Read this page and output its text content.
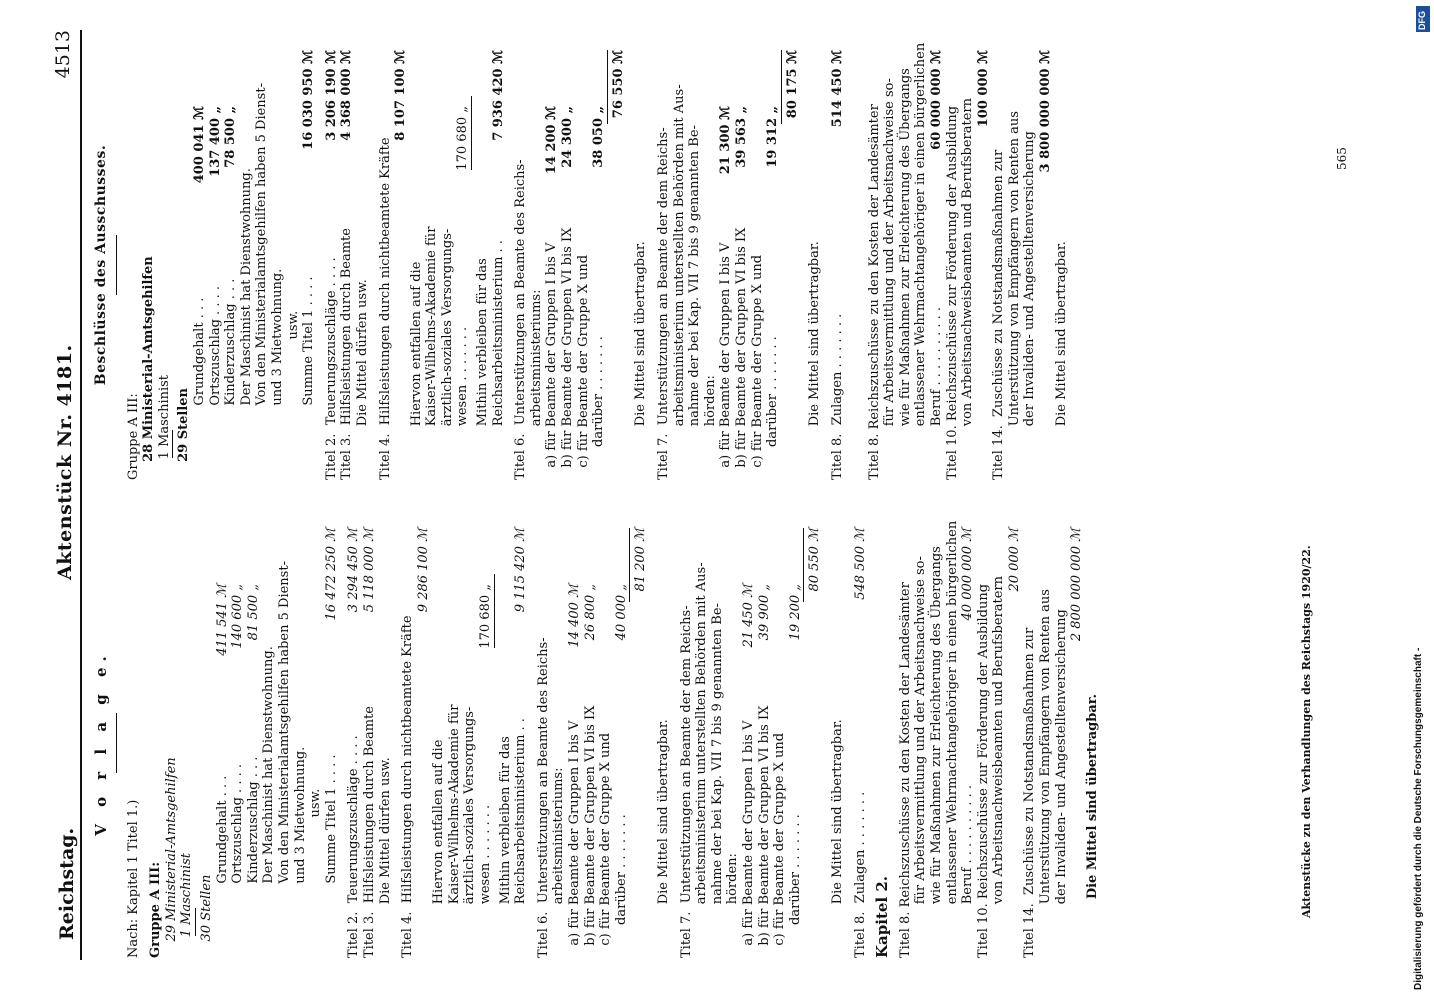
Reichstag.
Aktenstück Nr. 4181.
4513
V o r l a g e.
Nach: Kapitel 1 Titel 1.) Gruppe A III: 29 Ministerial-Amtsgehilfen 1 Maschinist 30 Stellen Grundgehalt . . .
411 541 ℳ
Ortszuschlag . . . .
140 600 „
Kinderzuschlag . . .
81 500 „
Der Maschinist hat Dienstwohnung. Von den Ministerialamtsgehilfen haben 5 Dienst- und 3 Mietwohnung. usw. Summe Titel 1 . . . .
16 472 250 ℳ
Titel 2.  Teuerungszuschläge . . . .
3 294 450 ℳ
Titel 3.  Hilfsleistungen durch Beamte
5 118 000 ℳ
Die Mittel dürfen usw. Titel 4.  Hilfsleistungen durch nichtbeamtete Kräfte
9 286 100 ℳ
Hiervon entfallen auf die Kaiser-Wilhelms-Akademie für ärztlich-soziales Versorgungs- wesen . . . . . . .
170 680 „
Mithin verbleiben für das Reichsarbeitsministerium . .
9 115 420 ℳ
Titel 6.  Unterstützungen an Beamte des Reichs- arbeitsministeriums: a) für Beamte der Gruppen I bis V
14 400 ℳ
b) für Beamte der Gruppen VI bis IX
26 800 „
c) für Beamte der Gruppe X und darüber . . . . . . .
40 000 „
81 200 ℳ
Die Mittel sind übertragbar. Titel 7.  Unterstützungen an Beamte der dem Reichs- arbeitsministerium unterstellten Behörden mit Aus- nahme der bei Kap. VII 7 bis 9 genannten Be- hörden: a) für Beamte der Gruppen I bis V
21 450 ℳ
b) für Beamte der Gruppen VI bis IX
39 900 „
c) für Beamte der Gruppe X und darüber . . . . . . .
19 200 „
80 550 ℳ
Die Mittel sind übertragbar. Titel 8.  Zulagen . . . . . . .
548 500 ℳ
Kapitel 2. Titel 8. Reichszuschüsse zu den Kosten der Landesämter für Arbeitsvermittlung und der Arbeitsnachweise so- wie für Maßnahmen zur Erleichterung des Übergangs entlassener Wehrmachtangehöriger in einen bürgerlichen Beruf . . . . . . . . . .
40 000 000 ℳ
Titel 10. Reichszuschüsse zur Förderung der Ausbildung von Arbeitsnachweisbeamten und Berufsberatern
20 000 ℳ
Titel 14.  Zuschüsse zu Notstandsmaßnahmen zur Unterstützung von Empfängern von Renten aus der Invaliden- und Angestelltenversicherung
2 800 000 000 ℳ
Die Mittel sind übertragbar.
Beschlüsse des Ausschusses.
Gruppe A III: 28 Ministerial-Amtsgehilfen 1 Maschinist 29 Stellen Grundgehalt . . .
400 041 ℳ
Ortszuschlag . . . .
137 400 „
Kinderzuschlag . . .
78 500 „
Der Maschinist hat Dienstwohnung. Von den Ministerialamtsgehilfen haben 5 Dienst- und 3 Mietwohnung. usw. Summe Titel 1 . . . .
16 030 950 ℳ
Titel 2.  Teuerungszuschläge . . . .
3 206 190 ℳ
Titel 3.  Hilfsleistungen durch Beamte
4 368 000 ℳ
Die Mittel dürfen usw. Titel 4.  Hilfsleistungen durch nichtbeamtete Kräfte
8 107 100 ℳ
Hiervon entfallen auf die Kaiser-Wilhelms-Akademie für ärztlich-soziales Versorgungs- wesen . . . . . . .
170 680 „
Mithin verbleiben für das Reichsarbeitsministerium . .
7 936 420 ℳ
Titel 6.  Unterstützungen an Beamte des Reichs- arbeitsministeriums: a) für Beamte der Gruppen I bis V
14 200 ℳ
b) für Beamte der Gruppen VI bis IX
24 300 „
c) für Beamte der Gruppe X und darüber . . . . . . .
38 050 „
76 550 ℳ
Die Mittel sind übertragbar. Titel 7.  Unterstützungen an Beamte der dem Reichs- arbeitsministerium unterstellten Behörden mit Aus- nahme der bei Kap. VII 7 bis 9 genannten Be- hörden: a) für Beamte der Gruppen I bis V
21 300 ℳ
b) für Beamte der Gruppen VI bis IX
39 563 „
c) für Beamte der Gruppe X und darüber . . . . . . .
19 312 „
80 175 ℳ
Die Mittel sind übertragbar. Titel 8.  Zulagen . . . . . . .
514 450 ℳ
Titel 8. Reichszuschüsse zu den Kosten der Landesämter für Arbeitsvermittlung und der Arbeitsnachweise so- wie für Maßnahmen zur Erleichterung des Übergangs entlassener Wehrmachtangehöriger in einen bürgerlichen Beruf . . . . . . . . . .
60 000 000 ℳ
Titel 10. Reichszuschüsse zur Förderung der Ausbildung von Arbeitsnachweisbeamten und Berufsberatern
100 000 ℳ
Titel 14.  Zuschüsse zu Notstandsmaßnahmen zur Unterstützung von Empfängern von Renten aus der Invaliden- und Angestelltenversicherung
3 800 000 000 ℳ
Die Mittel sind übertragbar.
Aktenstücke zu den Verhandlungen des Reichstags 1920/22.
565
Digitalisierung gefördert durch die Deutsche Forschungsgemeinschaft -
DFG
